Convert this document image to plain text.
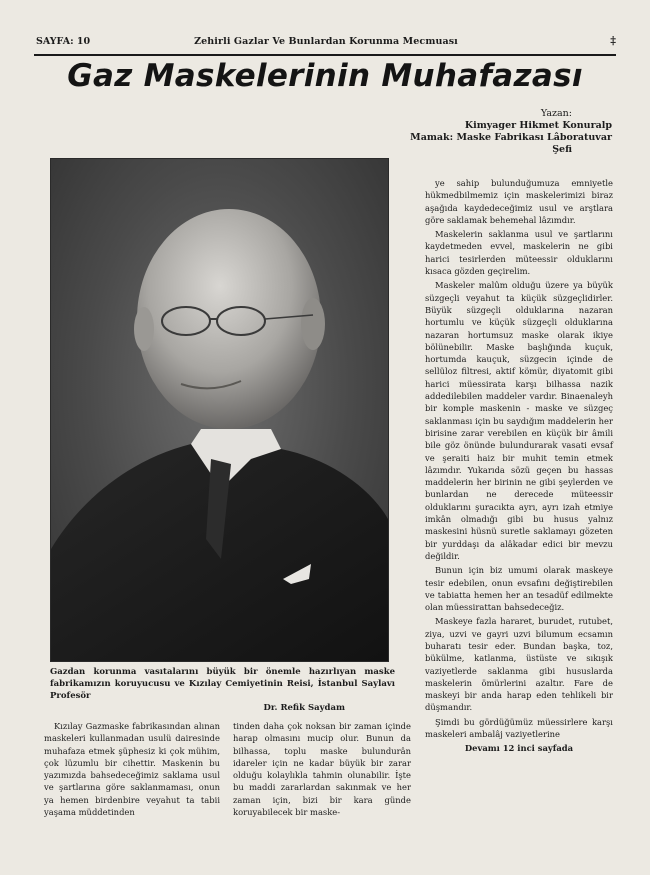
SAYFA: 10	Zehirli Gazlar Ve Bunlardan Korunma Mecmuası	‡
Gaz Maskelerinin Muhafazası
Yazan:
Kimyager Hikmet Konuralp
Mamak: Maske Fabrikası Lâboratuvar
Şefi
Gazdan korunma vasıtalarını büyük bir önemle hazırlıyan maske fabrikamızın koruyucusu ve Kızılay Cemiyetinin Reisi, İstanbul Saylavı Profesör
Dr. Refik Saydam

ye sahip bulunduğumuza emniyetle hükmedbilmemiz için maskelerimizi biraz aşağıda kaydedeceğimiz usul ve arştlara göre saklamak behemehal lâzımdır.

Maskelerin saklanma usul ve şartlarını kaydetmeden evvel, maskelerin ne gibi harici tesirlerden müteessir olduklarını kısaca gözden geçirelim.

Maskeler malûm olduğu üzere ya büyük süzgeçli veyahut ta küçük süzgeçlidirler. Büyük süzgeçli olduklarına nazaran hortumlu ve küçük süzgeçli olduklarına nazaran hortumsuz maske olarak ikiye bölünebilir. Maske başlığında kuçuk, hortumda kauçuk, süzgecin içinde de sellüloz filtresi, aktif kömür, diyatomit gibi harici müessirata karşı bilhassa nazik addedilebilen maddeler vardır. Binaenaleyh bir komple maskenin - maske ve süzgeç saklanması için bu saydığım maddelerin her birisine zarar verebilen en küçük bir âmili bile göz önünde bulundurarak vasati evsaf ve şeraiti haiz bir muhit temin etmek lâzımdır. Yukarıda sözü geçen bu hassas maddelerin her birinin ne gibi şeylerden ve bunlardan ne derecede müteessir olduklarını şuracıkta ayrı, ayrı izah etmiye imkân olmadığı gibi bu husus yalnız maskesini hüsnü suretle saklamayı gözeten bir yurddaşı da alâkadar edici bir mevzu değildir.

Bunun için biz umumi olarak maskeye tesir edebilen, onun evsafını değiştirebilen ve tabiatta hemen her an tesadüf edilmekte olan müessirattan bahsedeceğiz.

Maskeye fazla hararet, burudet, rutubet, ziya, uzvi ve gayri uzvi bilumum ecsamın buharatı tesir eder. Bundan başka, toz, bükülme, katlanma, üstüste ve sıkışık vaziyetlerde saklanma gibi hususlarda maskelerin ömürlerini azaltır. Fare de maskeyi bir anda harap eden tehlikeli bir düşmandır.

Şimdi bu gördüğümüz müessirlere karşı maskeleri ambalâj vaziyetlerine

Devamı 12 inci sayfada

Kızılay Gazmaske fabrikasından alınan maskeleri kullanmadan usulü dairesinde muhafaza etmek şüphesiz ki çok mühim, çok lüzumlu bir cihettir. Maskenin bu yazımızda bahsedeceğimiz saklama usul ve şartlarına göre saklanmaması, onun ya hemen birdenbire veyahut ta tabii yaşama müddetinden

tinden daha çok noksan bir zaman içinde harap olmasını mucip olur. Bunun da bilhassa, toplu maske bulundurân idareler için ne kadar büyük bir zarar olduğu kolaylıkla tahmin olunabilir. İşte bu maddi zararlardan sakınmak ve her zaman için, bizi bir kara günde koruyabilecek bir maske-
